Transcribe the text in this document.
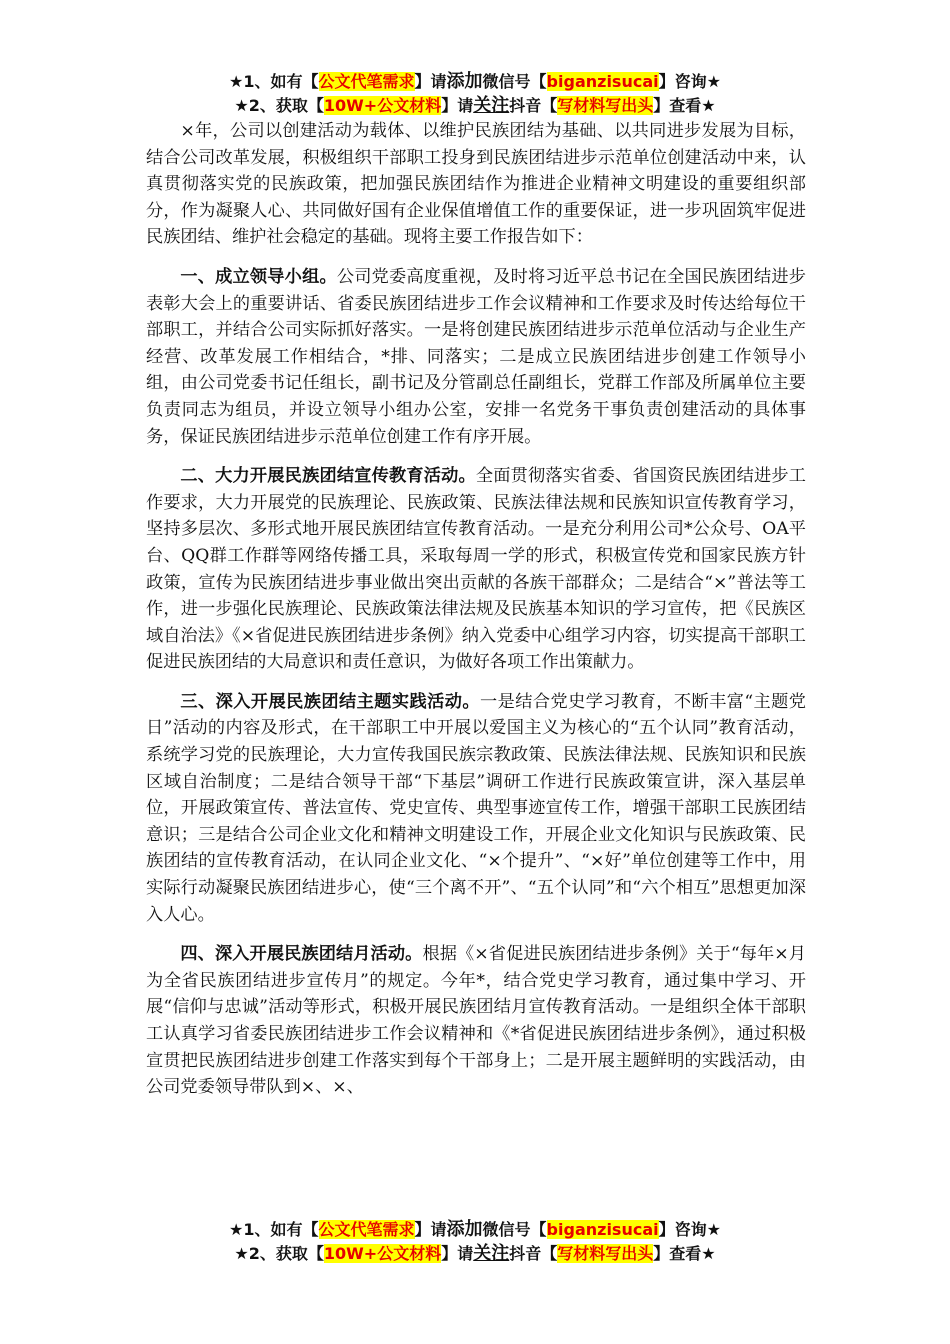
★1、如有【公文代笔需求】请添加微信号【biganzisucai】咨询★
★2、获取【10W+公文材料】请关注抖音【写材料写出头】查看★

×年，公司以创建活动为载体、以维护民族团结为基础、以共同进步发展为目标，结合公司改革发展，积极组织干部职工投身到民族团结进步示范单位创建活动中来，认真贯彻落实党的民族政策，把加强民族团结作为推进企业精神文明建设的重要组织部分，作为凝聚人心、共同做好国有企业保值增值工作的重要保证，进一步巩固筑牢促进民族团结、维护社会稳定的基础。现将主要工作报告如下：

一、成立领导小组。公司党委高度重视，及时将习近平总书记在全国民族团结进步表彰大会上的重要讲话、省委民族团结进步工作会议精神和工作要求及时传达给每位干部职工，并结合公司实际抓好落实。一是将创建民族团结进步示范单位活动与企业生产经营、改革发展工作相结合，*排、同落实；二是成立民族团结进步创建工作领导小组，由公司党委书记任组长，副书记及分管副总任副组长，党群工作部及所属单位主要负责同志为组员，并设立领导小组办公室，安排一名党务干事负责创建活动的具体事务，保证民族团结进步示范单位创建工作有序开展。

二、大力开展民族团结宣传教育活动。全面贯彻落实省委、省国资民族团结进步工作要求，大力开展党的民族理论、民族政策、民族法律法规和民族知识宣传教育学习，坚持多层次、多形式地开展民族团结宣传教育活动。一是充分利用公司*公众号、OA平台、QQ群工作群等网络传播工具，采取每周一学的形式，积极宣传党和国家民族方针政策，宣传为民族团结进步事业做出突出贡献的各族干部群众；二是结合“×”普法等工作，进一步强化民族理论、民族政策法律法规及民族基本知识的学习宣传，把《民族区域自治法》《×省促进民族团结进步条例》纳入党委中心组学习内容，切实提高干部职工促进民族团结的大局意识和责任意识，为做好各项工作出策献力。

三、深入开展民族团结主题实践活动。一是结合党史学习教育，不断丰富“主题党日”活动的内容及形式，在干部职工中开展以爱国主义为核心的“五个认同”教育活动，系统学习党的民族理论，大力宣传我国民族宗教政策、民族法律法规、民族知识和民族区域自治制度；二是结合领导干部“下基层”调研工作进行民族政策宣讲，深入基层单位，开展政策宣传、普法宣传、党史宣传、典型事迹宣传工作，增强干部职工民族团结意识；三是结合公司企业文化和精神文明建设工作，开展企业文化知识与民族政策、民族团结的宣传教育活动，在认同企业文化、“×个提升”、“×好”单位创建等工作中，用实际行动凝聚民族团结进步心，使“三个离不开”、“五个认同”和“六个相互”思想更加深入人心。

四、深入开展民族团结月活动。根据《×省促进民族团结进步条例》关于“每年×月为全省民族团结进步宣传月”的规定。今年*，结合党史学习教育，通过集中学习、开展“信仰与忠诚”活动等形式，积极开展民族团结月宣传教育活动。一是组织全体干部职工认真学习省委民族团结进步工作会议精神和《*省促进民族团结进步条例》，通过积极宣贯把民族团结进步创建工作落实到每个干部身上；二是开展主题鲜明的实践活动，由公司党委领导带队到×、×、

★1、如有【公文代笔需求】请添加微信号【biganzisucai】咨询★
★2、获取【10W+公文材料】请关注抖音【写材料写出头】查看★
